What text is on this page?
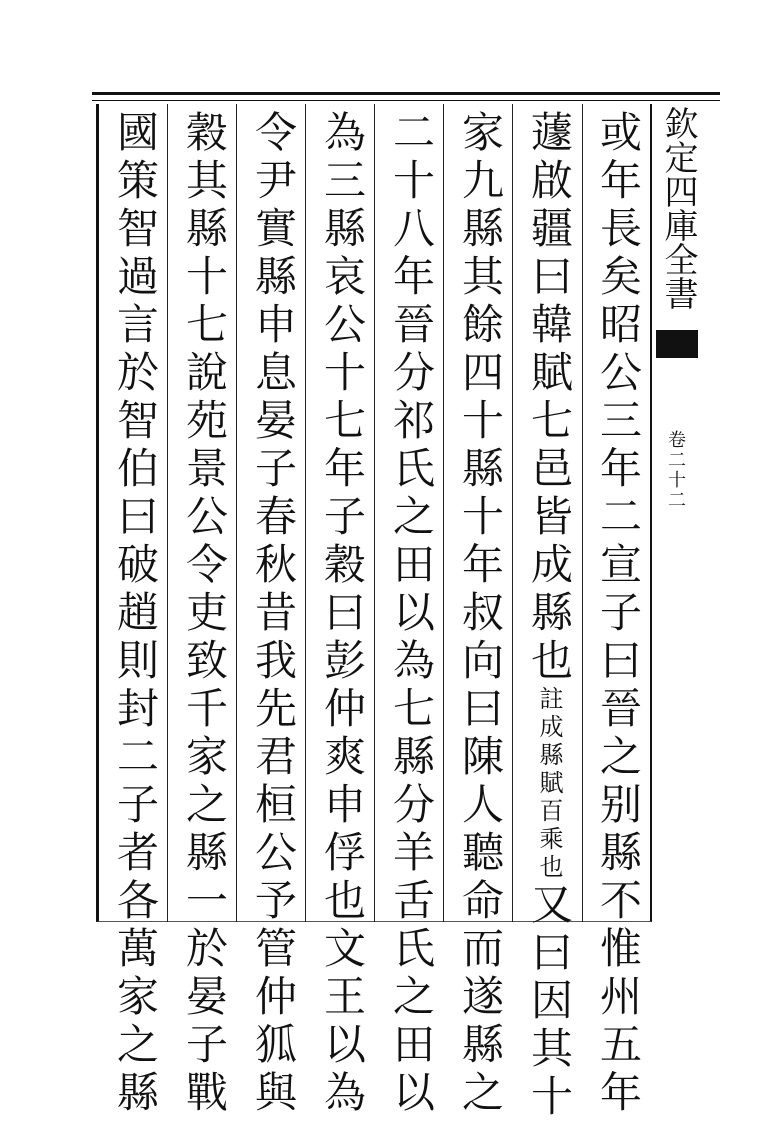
或年長矣昭公三年二宣子曰晉之别縣不惟州五年
蘧啟疆曰韓賦七邑皆成縣也註成縣賦百乘也又曰因其十
家九縣其餘四十縣十年叔向曰陳人聽命而遂縣之
二十八年晉分祁氏之田以為七縣分羊舌氏之田以
為三縣哀公十七年子穀曰彭仲爽申俘也文王以為
令尹實縣申息晏子春秋昔我先君桓公予管仲狐與
穀其縣十七說苑景公令吏致千家之縣一於晏子戰
國策智過言於智伯曰破趙則封二子者各萬家之縣	欽定四庫全書
卷二十二
